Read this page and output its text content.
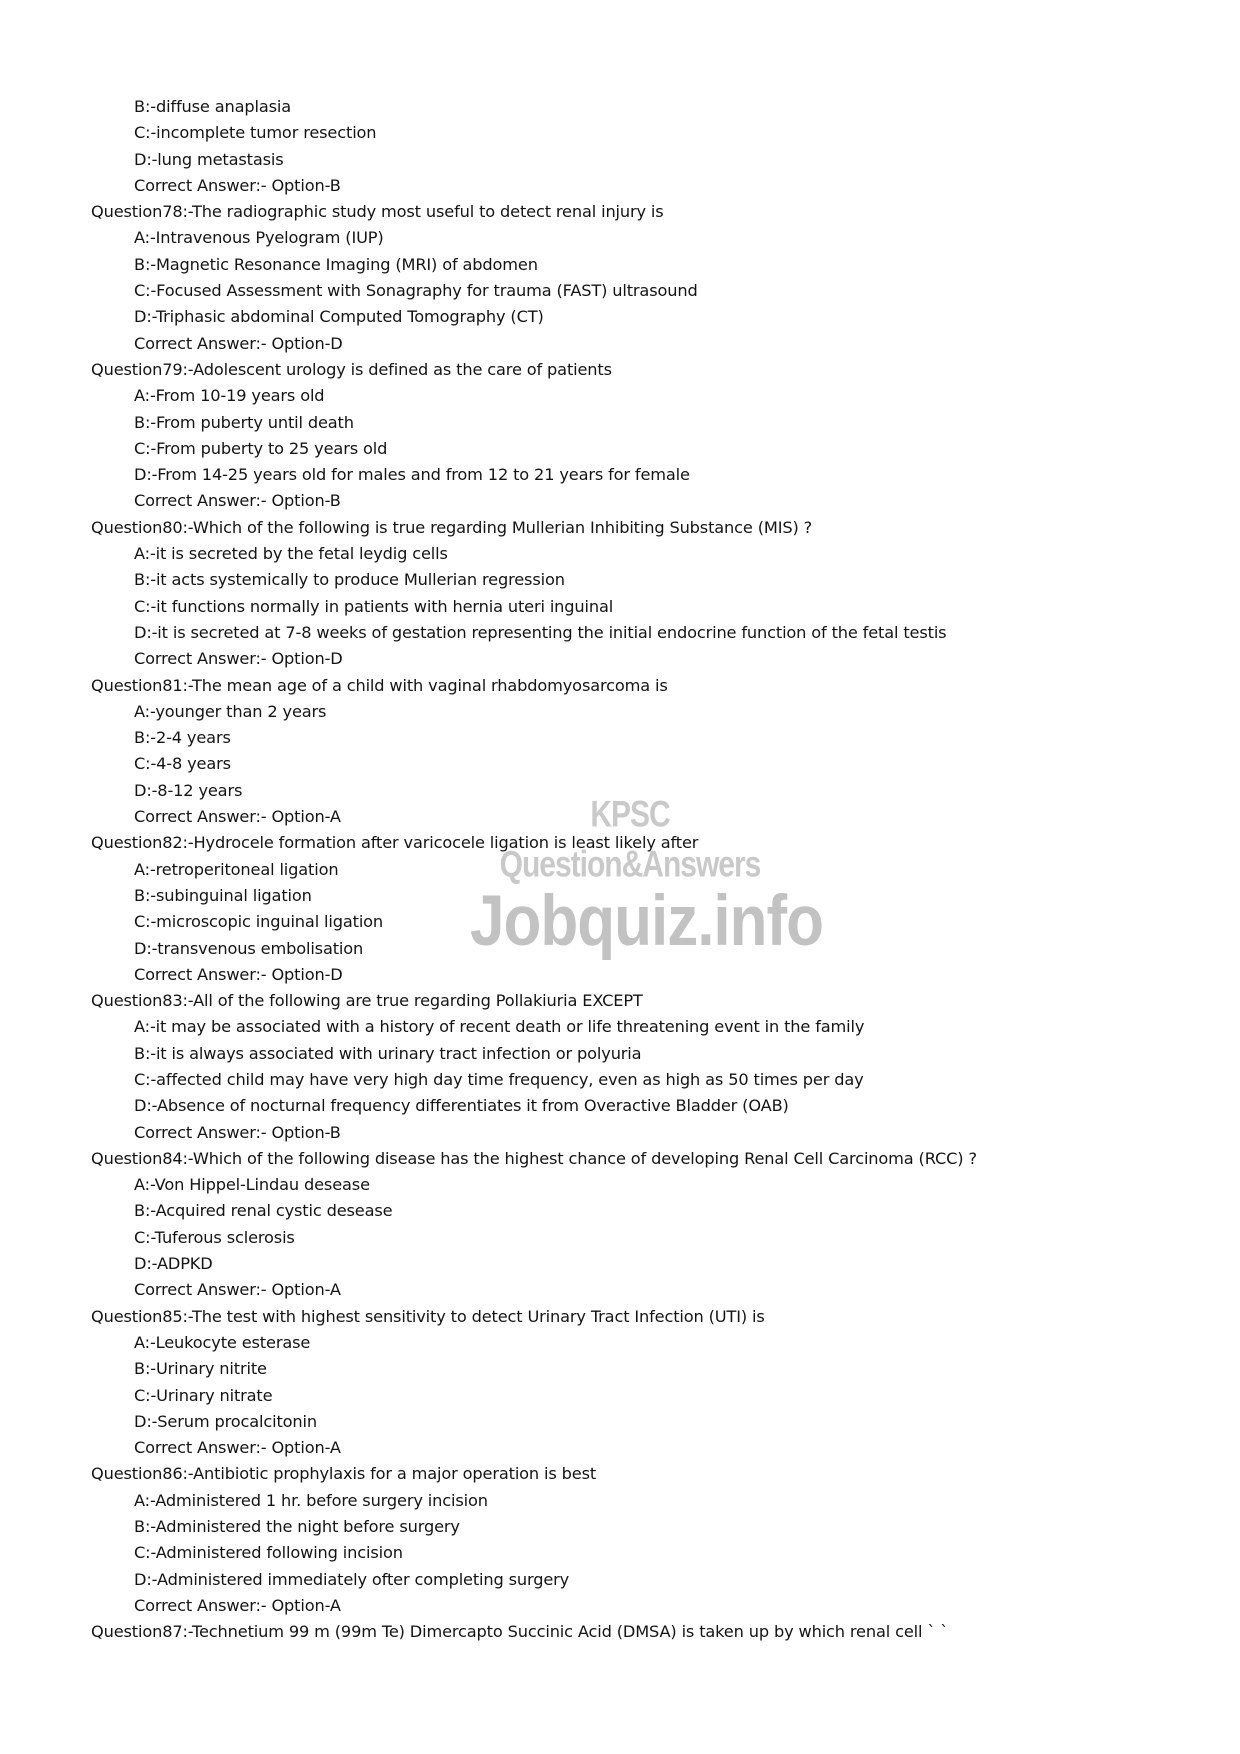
B:-diffuse anaplasia
C:-incomplete tumor resection
D:-lung metastasis
Correct Answer:- Option-B
Question78:-The radiographic study most useful to detect renal injury is
A:-Intravenous Pyelogram (IUP)
B:-Magnetic Resonance Imaging (MRI) of abdomen
C:-Focused Assessment with Sonagraphy for trauma (FAST) ultrasound
D:-Triphasic abdominal Computed Tomography (CT)
Correct Answer:- Option-D
Question79:-Adolescent urology is defined as the care of patients
A:-From 10-19 years old
B:-From puberty until death
C:-From puberty to 25 years old
D:-From 14-25 years old for males and from 12 to 21 years for female
Correct Answer:- Option-B
Question80:-Which of the following is true regarding Mullerian Inhibiting Substance (MIS) ?
A:-it is secreted by the fetal leydig cells
B:-it acts systemically to produce Mullerian regression
C:-it functions normally in patients with hernia uteri inguinal
D:-it is secreted at 7-8 weeks of gestation representing the initial endocrine function of the fetal testis
Correct Answer:- Option-D
Question81:-The mean age of a child with vaginal rhabdomyosarcoma is
A:-younger than 2 years
B:-2-4 years
C:-4-8 years
D:-8-12 years
Correct Answer:- Option-A
Question82:-Hydrocele formation after varicocele ligation is least likely after
A:-retroperitoneal ligation
B:-subinguinal ligation
C:-microscopic inguinal ligation
D:-transvenous embolisation
Correct Answer:- Option-D
Question83:-All of the following are true regarding Pollakiuria EXCEPT
A:-it may be associated with a history of recent death or life threatening event in the family
B:-it is always associated with urinary tract infection or polyuria
C:-affected child may have very high day time frequency, even as high as 50 times per day
D:-Absence of nocturnal frequency differentiates it from Overactive Bladder (OAB)
Correct Answer:- Option-B
Question84:-Which of the following disease has the highest chance of developing Renal Cell Carcinoma (RCC) ?
A:-Von Hippel-Lindau desease
B:-Acquired renal cystic desease
C:-Tuferous sclerosis
D:-ADPKD
Correct Answer:- Option-A
Question85:-The test with highest sensitivity to detect Urinary Tract Infection (UTI) is
A:-Leukocyte esterase
B:-Urinary nitrite
C:-Urinary nitrate
D:-Serum procalcitonin
Correct Answer:- Option-A
Question86:-Antibiotic prophylaxis for a major operation is best
A:-Administered 1 hr. before surgery incision
B:-Administered the night before surgery
C:-Administered following incision
D:-Administered immediately ofter completing surgery
Correct Answer:- Option-A
Question87:-Technetium 99 m (99m Te) Dimercapto Succinic Acid (DMSA) is taken up by which renal cell ` `
KPSC Question&Answers
Jobquiz.info
